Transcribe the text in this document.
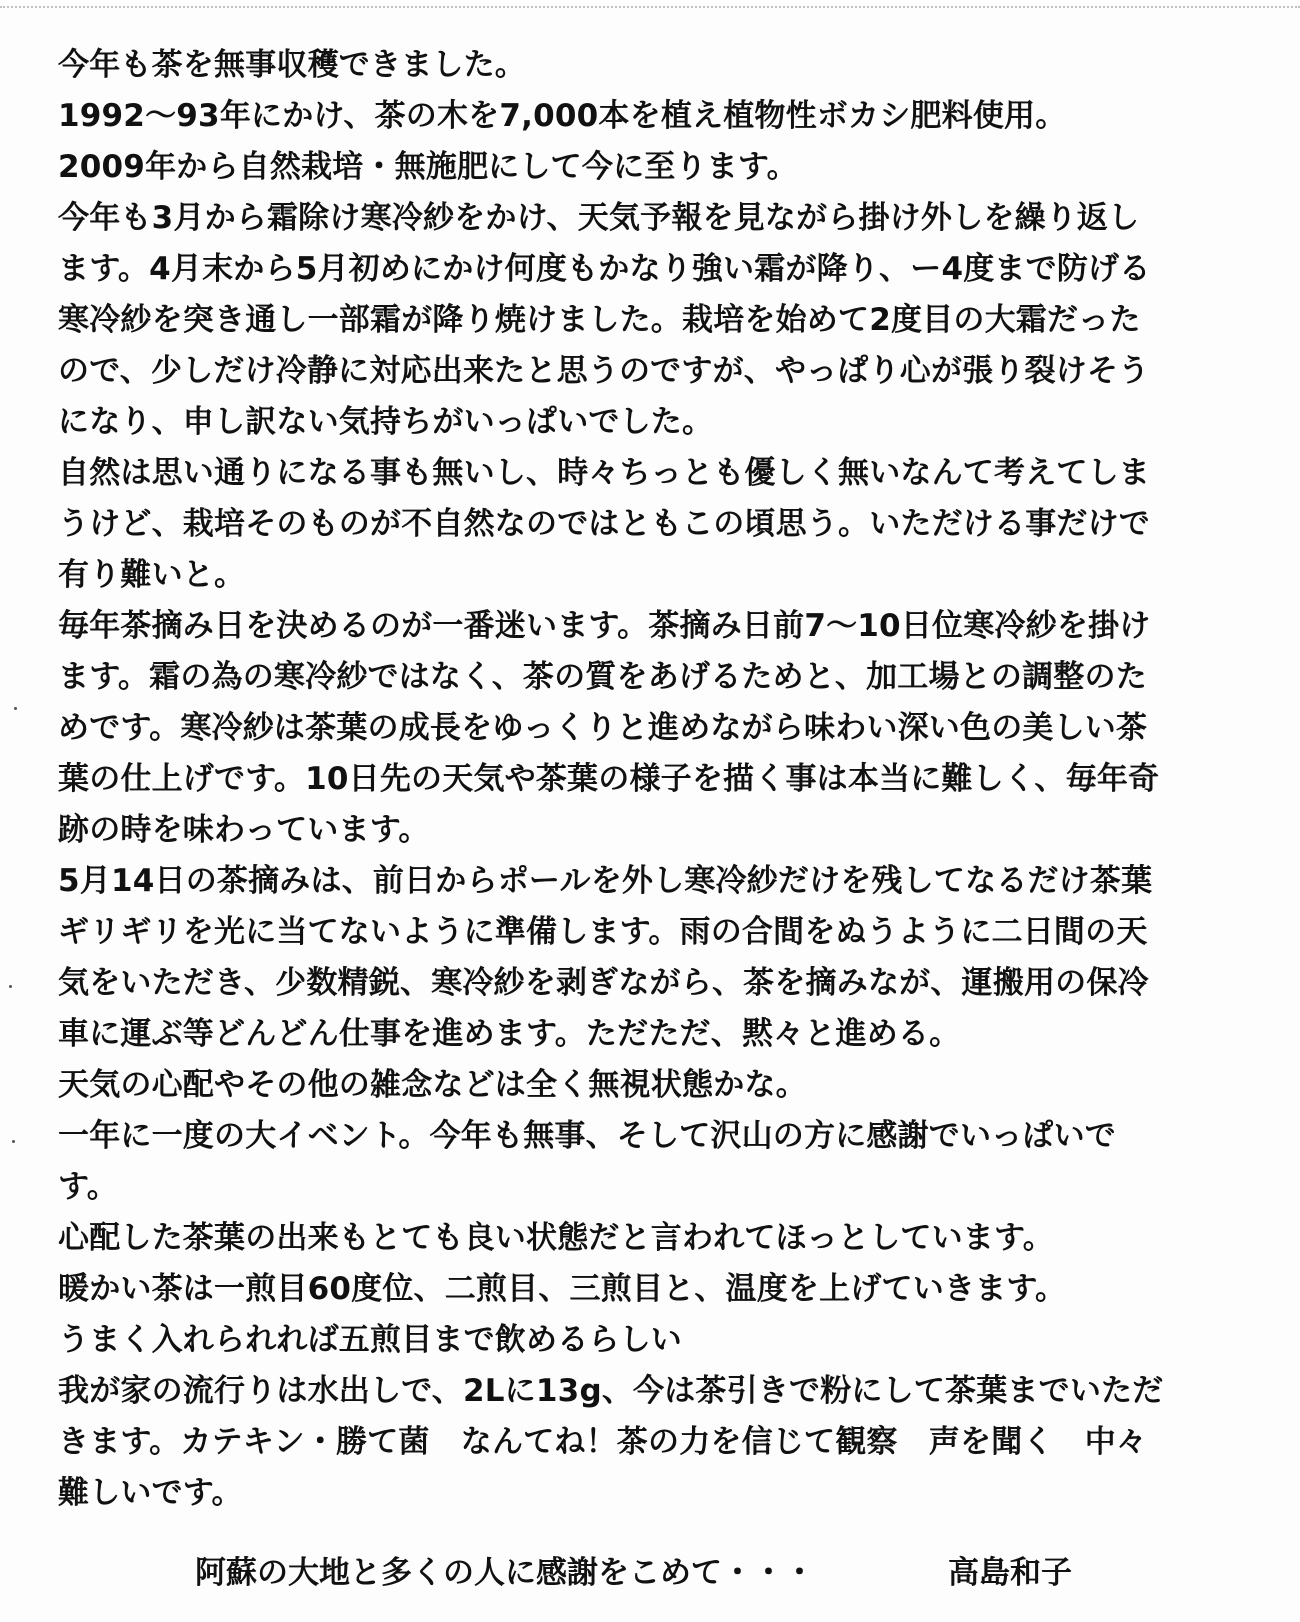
今年も茶を無事収穫できました。
1992～93年にかけ、茶の木を7,000本を植え植物性ボカシ肥料使用。
2009年から自然栽培・無施肥にして今に至ります。
今年も3月から霜除け寒冷紗をかけ、天気予報を見ながら掛け外しを繰り返し
ます。4月末から5月初めにかけ何度もかなり強い霜が降り、ー4度まで防げる
寒冷紗を突き通し一部霜が降り焼けました。栽培を始めて2度目の大霜だった
ので、少しだけ冷静に対応出来たと思うのですが、やっぱり心が張り裂けそう
になり、申し訳ない気持ちがいっぱいでした。
自然は思い通りになる事も無いし、時々ちっとも優しく無いなんて考えてしま
うけど、栽培そのものが不自然なのではともこの頃思う。いただける事だけで
有り難いと。
毎年茶摘み日を決めるのが一番迷います。茶摘み日前7～10日位寒冷紗を掛け
ます。霜の為の寒冷紗ではなく、茶の質をあげるためと、加工場との調整のた
めです。寒冷紗は茶葉の成長をゆっくりと進めながら味わい深い色の美しい茶
葉の仕上げです。10日先の天気や茶葉の様子を描く事は本当に難しく、毎年奇
跡の時を味わっています。
5月14日の茶摘みは、前日からポールを外し寒冷紗だけを残してなるだけ茶葉
ギリギリを光に当てないように準備します。雨の合間をぬうように二日間の天
気をいただき、少数精鋭、寒冷紗を剥ぎながら、茶を摘みなが、運搬用の保冷
車に運ぶ等どんどん仕事を進めます。ただただ、黙々と進める。
天気の心配やその他の雑念などは全く無視状態かな。
一年に一度の大イベント。今年も無事、そして沢山の方に感謝でいっぱいで
す。
心配した茶葉の出来もとても良い状態だと言われてほっとしています。
暖かい茶は一煎目60度位、二煎目、三煎目と、温度を上げていきます。
うまく入れられれば五煎目まで飲めるらしい
我が家の流行りは水出しで、2Lに13g、今は茶引きで粉にして茶葉までいただ
きます。カテキン・勝て菌　なんてね！茶の力を信じて観察　声を聞く　中々
難しいです。
阿蘇の大地と多くの人に感謝をこめて・・・	高島和子
